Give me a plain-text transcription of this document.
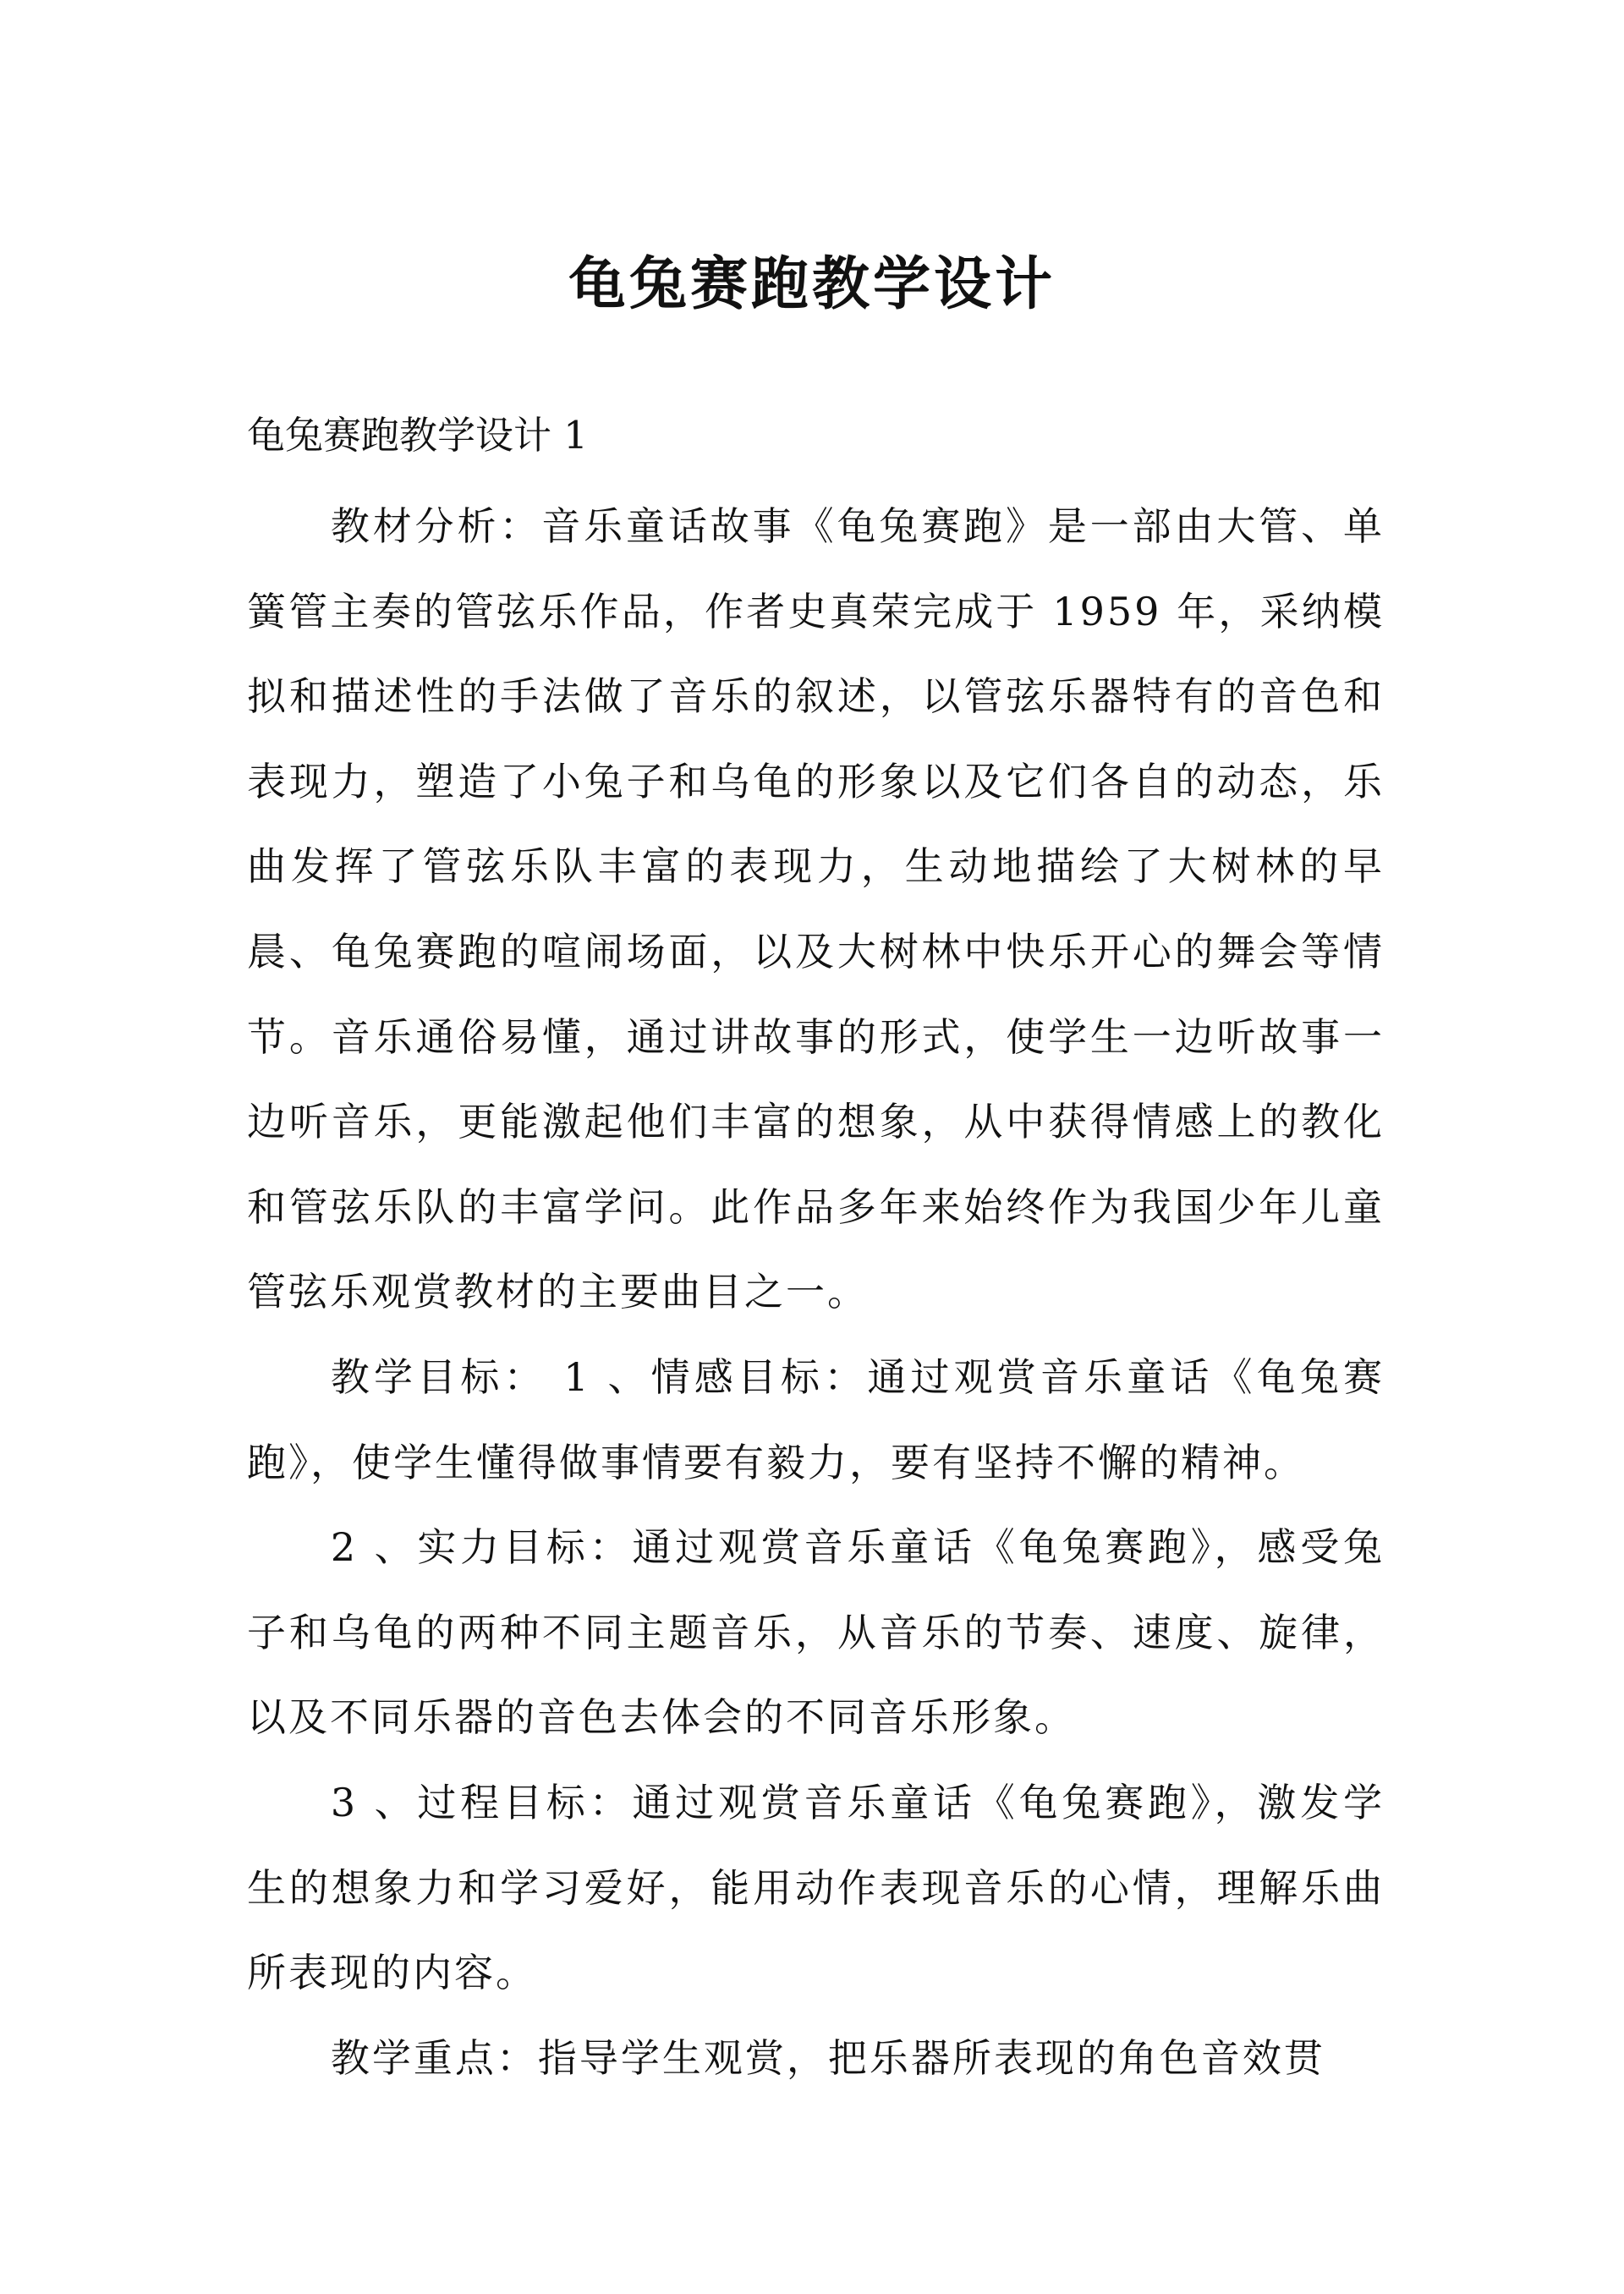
龟兔赛跑教学设计
龟兔赛跑教学设计 1

教材分析：音乐童话故事《龟兔赛跑》是一部由大管、单簧管主奏的管弦乐作品，作者史真荣完成于 1959 年，采纳模拟和描述性的手法做了音乐的叙述，以管弦乐器特有的音色和表现力，塑造了小兔子和乌龟的形象以及它们各自的动态，乐曲发挥了管弦乐队丰富的表现力，生动地描绘了大树林的早晨、龟兔赛跑的喧闹场面，以及大树林中快乐开心的舞会等情节。音乐通俗易懂，通过讲故事的形式，使学生一边听故事一边听音乐，更能激起他们丰富的想象，从中获得情感上的教化和管弦乐队的丰富学问。此作品多年来始终作为我国少年儿童管弦乐观赏教材的主要曲目之一。

教学目标： 1 、情感目标：通过观赏音乐童话《龟兔赛跑》，使学生懂得做事情要有毅力，要有坚持不懈的精神。

2 、实力目标：通过观赏音乐童话《龟兔赛跑》，感受兔子和乌龟的两种不同主题音乐，从音乐的节奏、速度、旋律，以及不同乐器的音色去体会的不同音乐形象。

3 、过程目标：通过观赏音乐童话《龟兔赛跑》，激发学生的想象力和学习爱好，能用动作表现音乐的心情，理解乐曲所表现的内容。

教学重点：指导学生观赏，把乐器所表现的角色音效贯
